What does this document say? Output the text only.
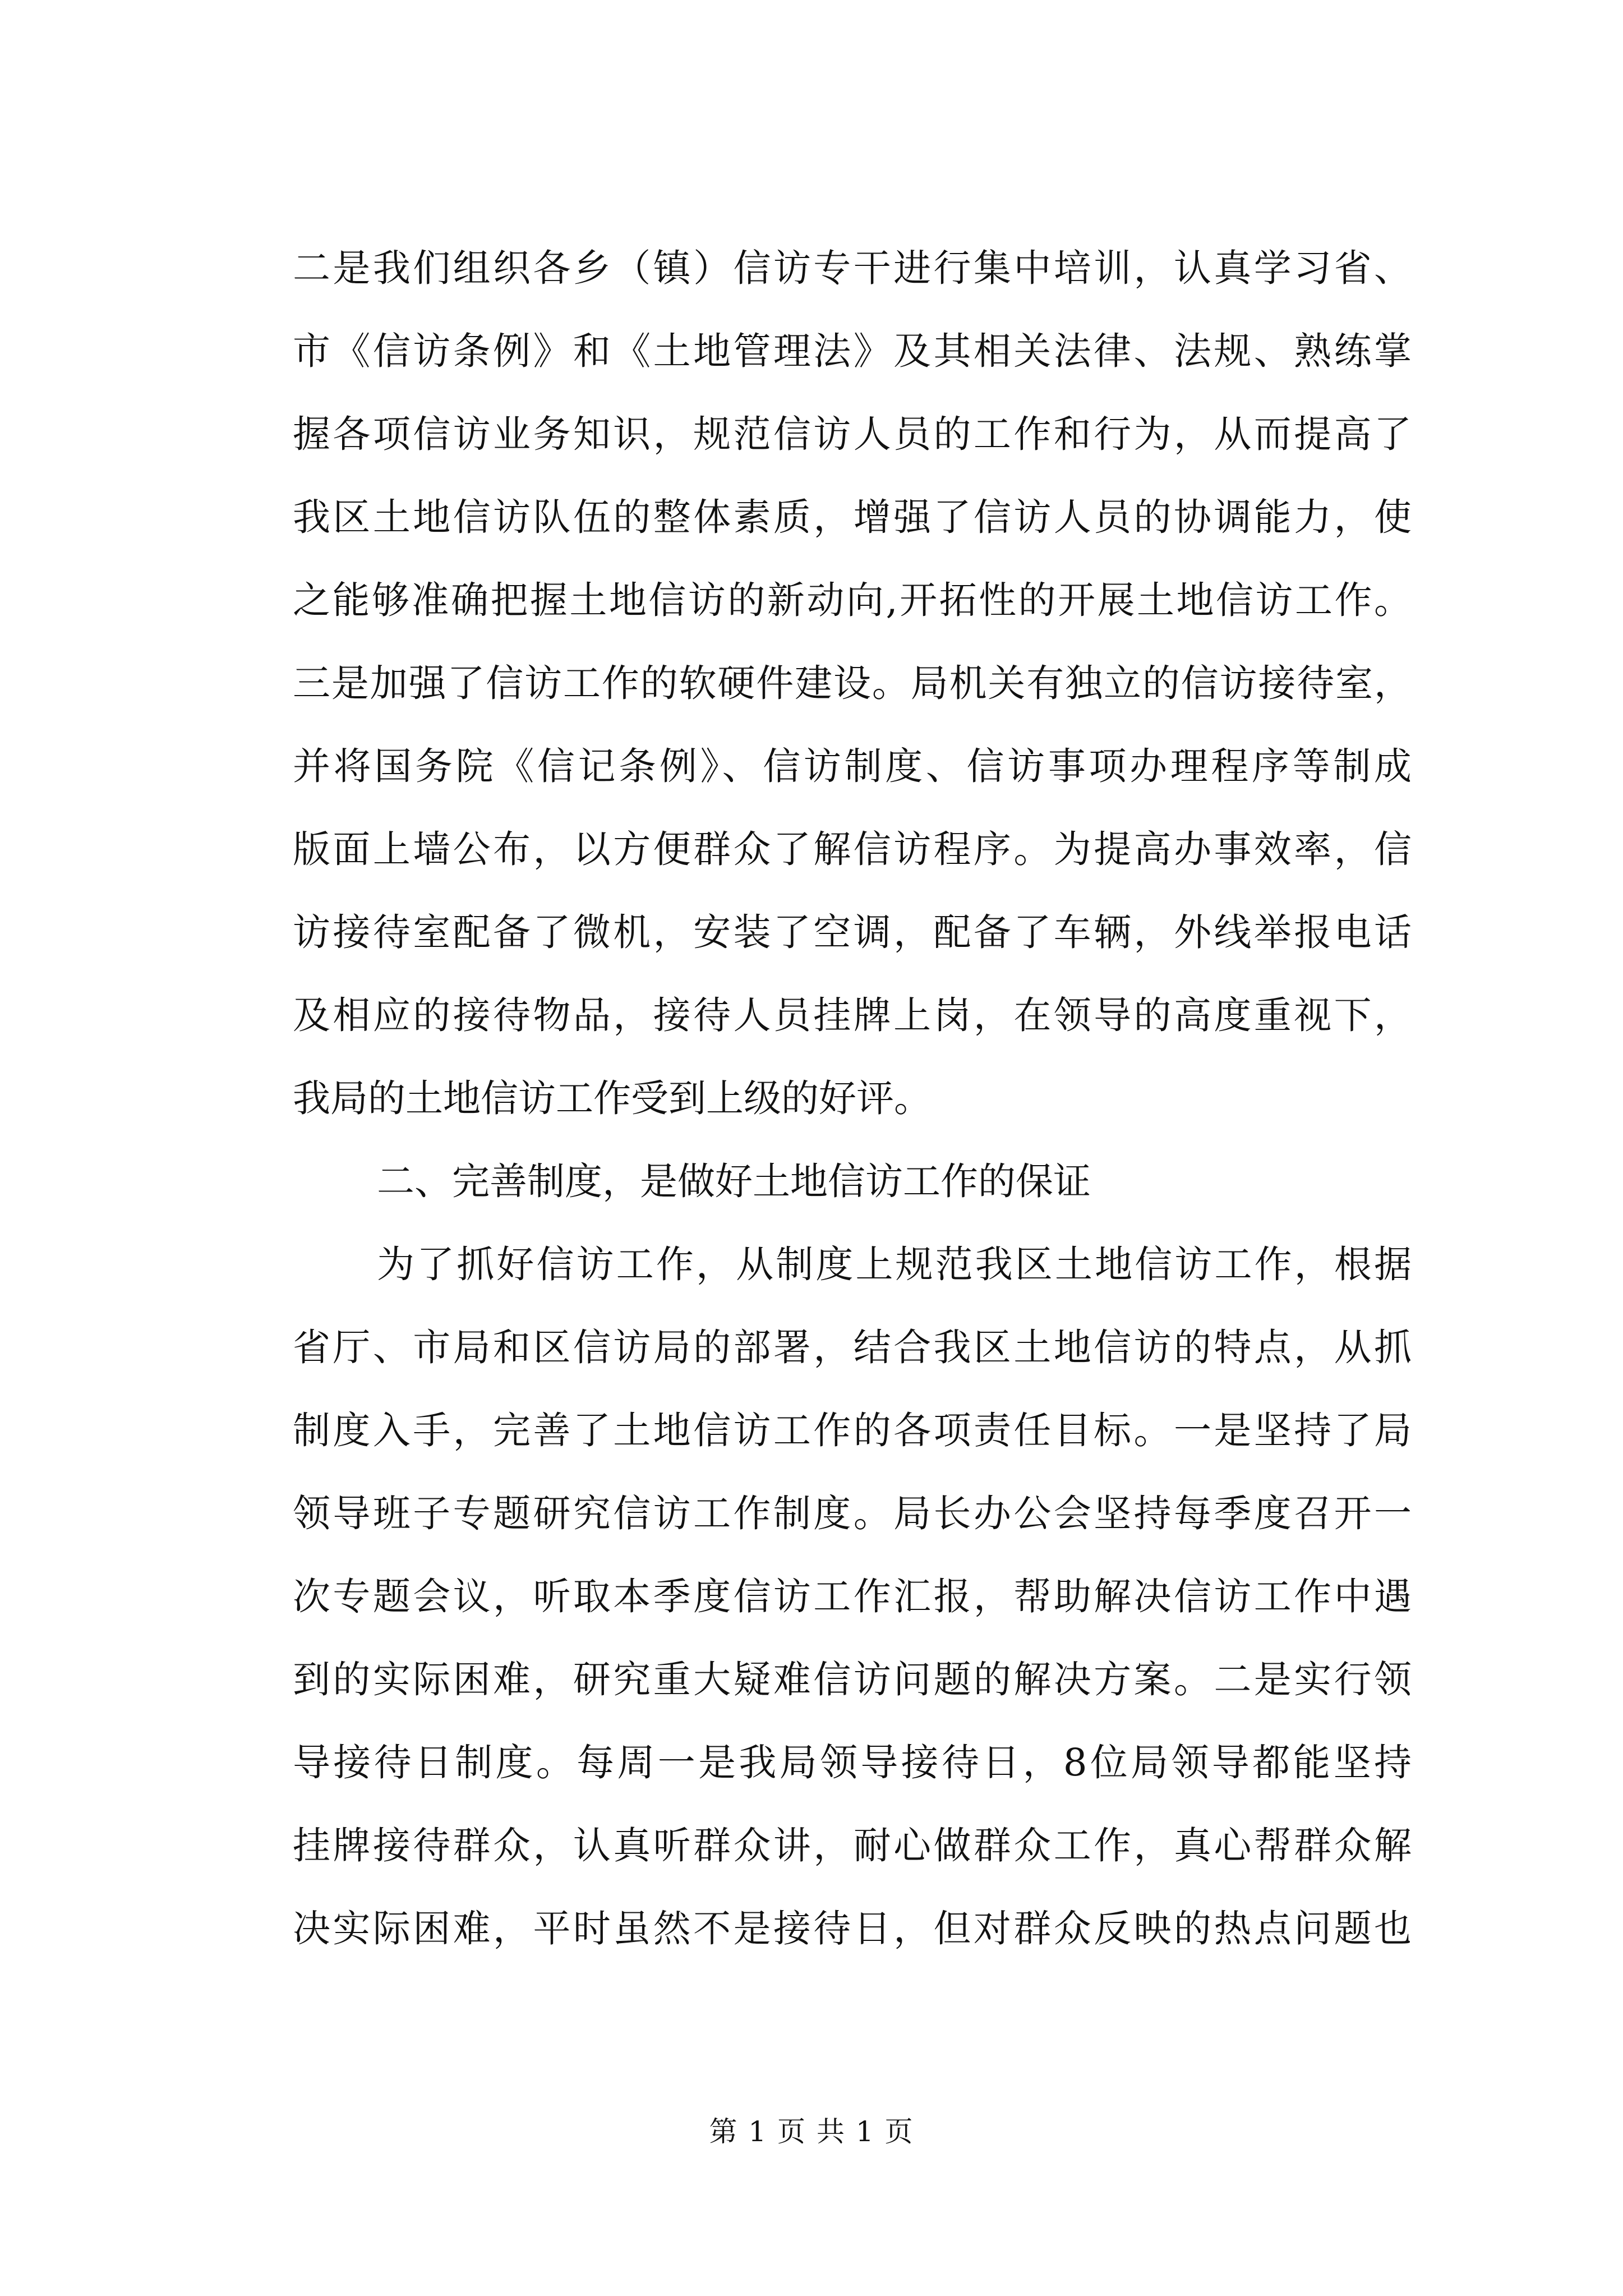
二是我们组织各乡（镇）信访专干进行集中培训，认真学习省、
市《信访条例》和《土地管理法》及其相关法律、法规、熟练掌
握各项信访业务知识，规范信访人员的工作和行为，从而提高了
我区土地信访队伍的整体素质，增强了信访人员的协调能力，使
之能够准确把握土地信访的新动向,开拓性的开展土地信访工作。
三是加强了信访工作的软硬件建设。局机关有独立的信访接待室，
并将国务院《信记条例》、信访制度、信访事项办理程序等制成
版面上墙公布，以方便群众了解信访程序。为提高办事效率，信
访接待室配备了微机，安装了空调，配备了车辆，外线举报电话
及相应的接待物品，接待人员挂牌上岗，在领导的高度重视下，
我局的土地信访工作受到上级的好评。
二、完善制度，是做好土地信访工作的保证
为了抓好信访工作，从制度上规范我区土地信访工作，根据
省厅、市局和区信访局的部署，结合我区土地信访的特点，从抓
制度入手，完善了土地信访工作的各项责任目标。一是坚持了局
领导班子专题研究信访工作制度。局长办公会坚持每季度召开一
次专题会议，听取本季度信访工作汇报，帮助解决信访工作中遇
到的实际困难，研究重大疑难信访问题的解决方案。二是实行领
导接待日制度。每周一是我局领导接待日，8位局领导都能坚持
挂牌接待群众，认真听群众讲，耐心做群众工作，真心帮群众解
决实际困难，平时虽然不是接待日，但对群众反映的热点问题也
第 1 页 共 1 页
